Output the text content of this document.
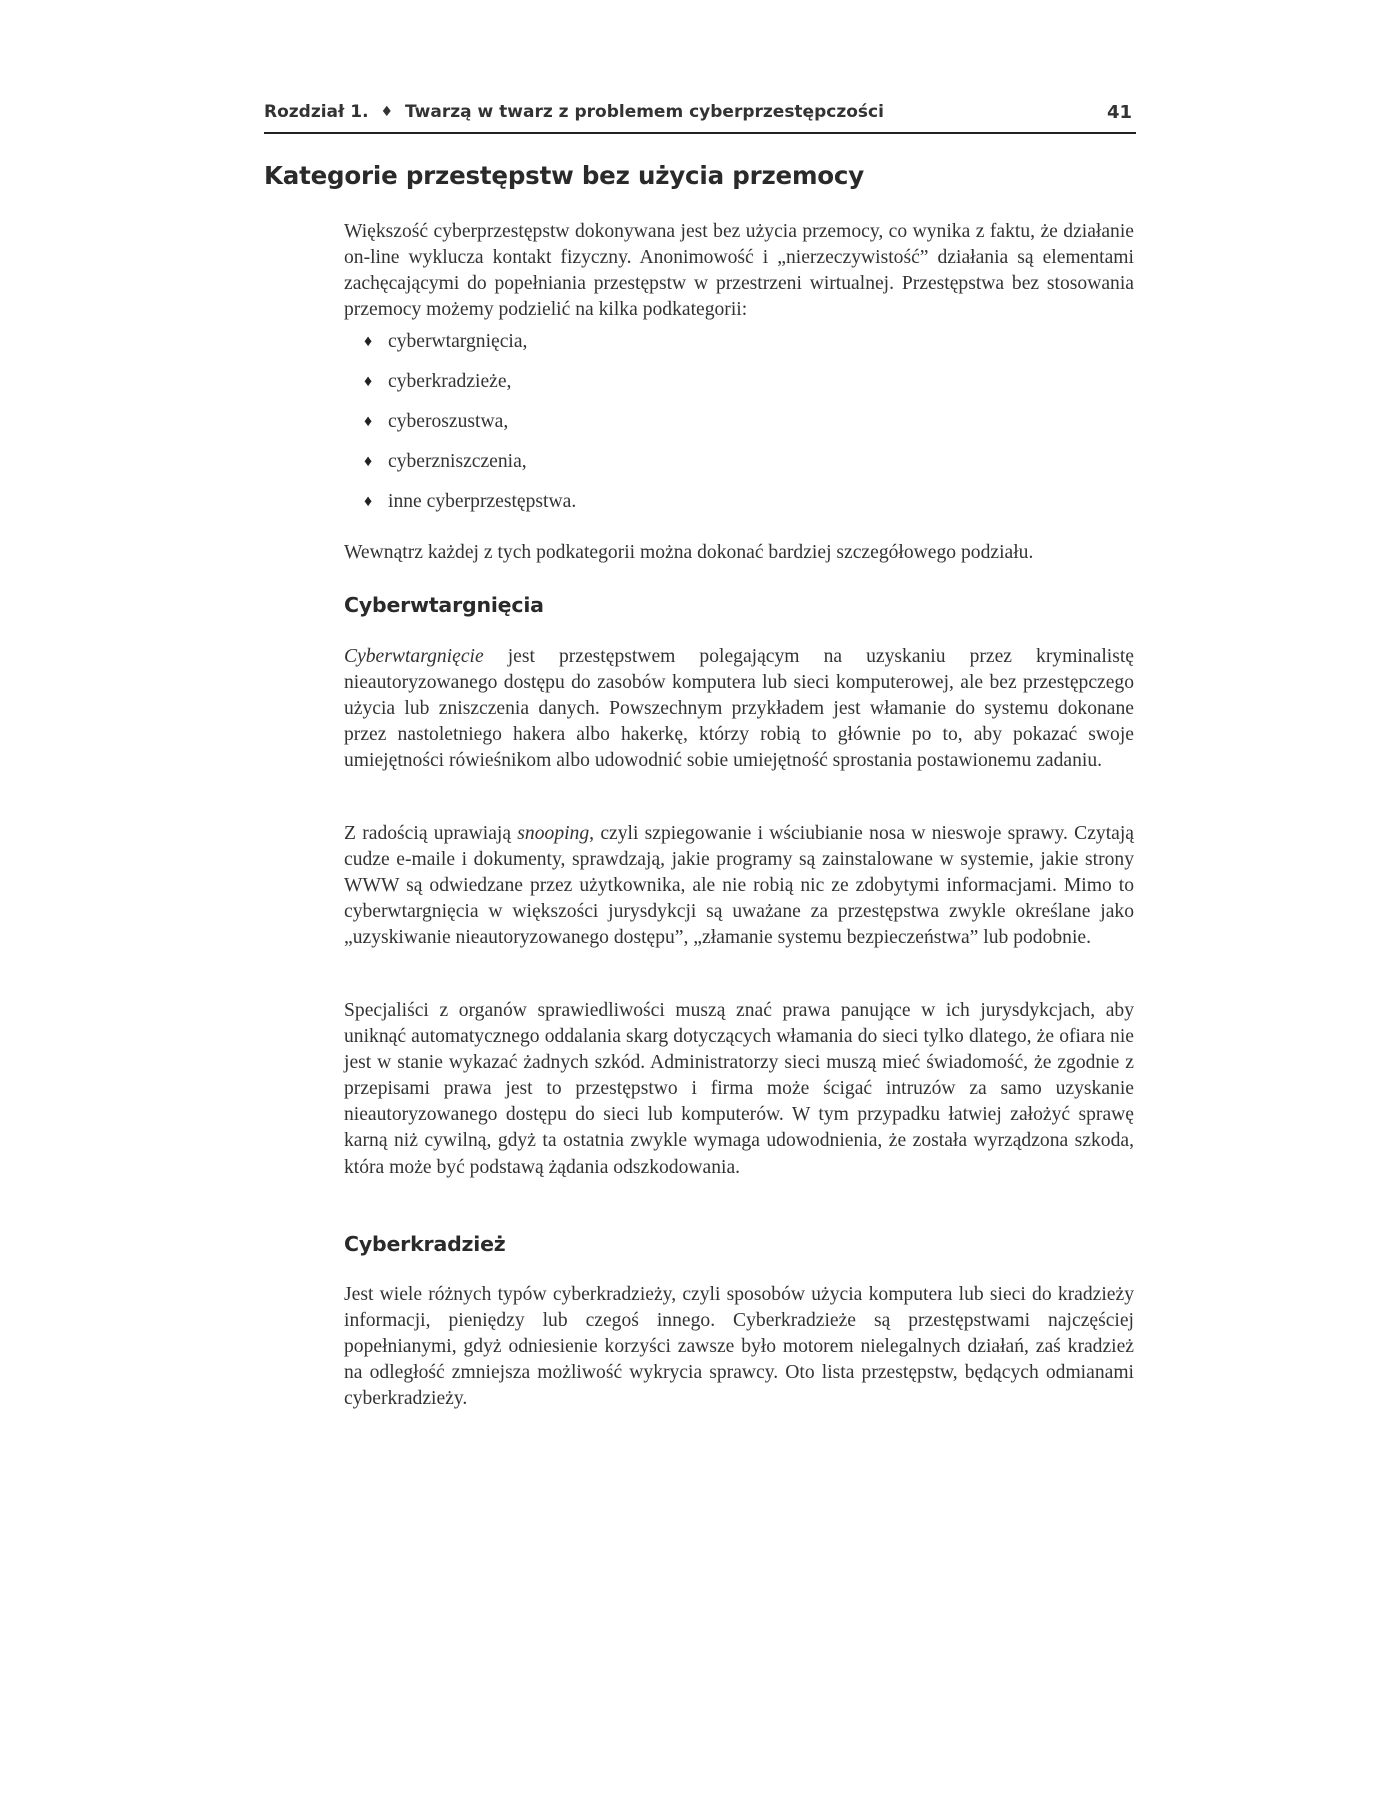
Rozdział 1. ♦ Twarzą w twarz z problemem cyberprzestępczości	41
Kategorie przestępstw bez użycia przemocy

Większość cyberprzestępstw dokonywana jest bez użycia przemocy, co wynika z faktu, że działanie on-line wyklucza kontakt fizyczny. Anonimowość i „nierzeczywistość” działania są elementami zachęcającymi do popełniania przestępstw w przestrzeni wirtualnej. Przestępstwa bez stosowania przemocy możemy podzielić na kilka podkategorii:

♦ cyberwtargnięcia,
♦ cyberkradzieże,
♦ cyberoszustwa,
♦ cyberzniszczenia,
♦ inne cyberprzestępstwa.

Wewnątrz każdej z tych podkategorii można dokonać bardziej szczegółowego podziału.

Cyberwtargnięcia

Cyberwtargnięcie jest przestępstwem polegającym na uzyskaniu przez kryminalistę nieautoryzowanego dostępu do zasobów komputera lub sieci komputerowej, ale bez przestępczego użycia lub zniszczenia danych. Powszechnym przykładem jest włamanie do systemu dokonane przez nastoletniego hakera albo hakerkę, którzy robią to głównie po to, aby pokazać swoje umiejętności rówieśnikom albo udowodnić sobie umiejętność sprostania postawionemu zadaniu.

Z radością uprawiają snooping, czyli szpiegowanie i wściubianie nosa w nieswoje sprawy. Czytają cudze e-maile i dokumenty, sprawdzają, jakie programy są zainstalowane w systemie, jakie strony WWW są odwiedzane przez użytkownika, ale nie robią nic ze zdobytymi informacjami. Mimo to cyberwtargnięcia w większości jurysdykcji są uważane za przestępstwa zwykle określane jako „uzyskiwanie nieautoryzowanego dostępu”, „złamanie systemu bezpieczeństwa” lub podobnie.

Specjaliści z organów sprawiedliwości muszą znać prawa panujące w ich jurysdykcjach, aby uniknąć automatycznego oddalania skarg dotyczących włamania do sieci tylko dlatego, że ofiara nie jest w stanie wykazać żadnych szkód. Administratorzy sieci muszą mieć świadomość, że zgodnie z przepisami prawa jest to przestępstwo i firma może ścigać intruzów za samo uzyskanie nieautoryzowanego dostępu do sieci lub komputerów. W tym przypadku łatwiej założyć sprawę karną niż cywilną, gdyż ta ostatnia zwykle wymaga udowodnienia, że została wyrządzona szkoda, która może być podstawą żądania odszkodowania.

Cyberkradzież

Jest wiele różnych typów cyberkradzieży, czyli sposobów użycia komputera lub sieci do kradzieży informacji, pieniędzy lub czegoś innego. Cyberkradzieże są przestępstwami najczęściej popełnianymi, gdyż odniesienie korzyści zawsze było motorem nielegalnych działań, zaś kradzież na odległość zmniejsza możliwość wykrycia sprawcy. Oto lista przestępstw, będących odmianami cyberkradzieży.
